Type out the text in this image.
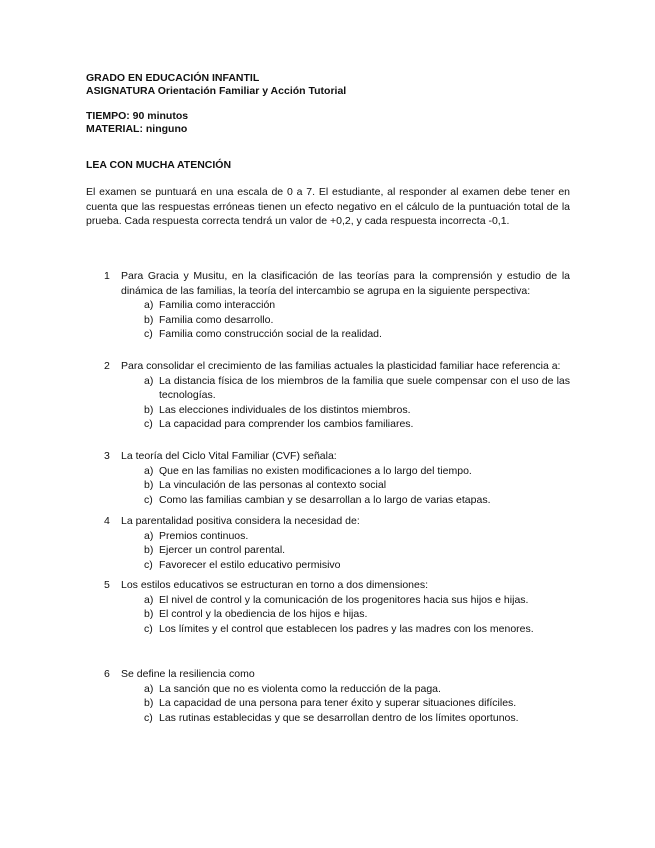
GRADO EN EDUCACIÓN INFANTIL
ASIGNATURA Orientación Familiar y Acción Tutorial
TIEMPO: 90 minutos
MATERIAL: ninguno
LEA CON MUCHA ATENCIÓN
El examen se puntuará en una escala de 0 a 7. El estudiante, al responder al examen debe tener en cuenta que las respuestas erróneas tienen un efecto negativo en el cálculo de la puntuación total de la prueba. Cada respuesta correcta tendrá un valor de +0,2, y cada respuesta incorrecta -0,1.
1	Para Gracia y Musitu, en la clasificación de las teorías para la comprensión y estudio de la dinámica de las familias, la teoría del intercambio se agrupa en la siguiente perspectiva:
a) Familia como interacción
b) Familia como desarrollo.
c) Familia como construcción social de la realidad.
2	Para consolidar el crecimiento de las familias actuales la plasticidad familiar hace referencia a:
a) La distancia física de los miembros de la familia que suele compensar con el uso de las tecnologías.
b) Las elecciones individuales de los distintos miembros.
c) La capacidad para comprender los cambios familiares.
3	La teoría del Ciclo Vital Familiar (CVF) señala:
a) Que en las familias no existen modificaciones a lo largo del tiempo.
b) La vinculación de las personas al contexto social
c) Como las familias cambian y se desarrollan a lo largo de varias etapas.
4	La parentalidad positiva considera la necesidad de:
a) Premios continuos.
b) Ejercer un control parental.
c) Favorecer el estilo educativo permisivo
5	Los estilos educativos se estructuran en torno a dos dimensiones:
a) El nivel de control y la comunicación de los progenitores hacia sus hijos e hijas.
b) El control y la obediencia de los hijos e hijas.
c) Los límites y el control que establecen los padres y las madres con los menores.
6	Se define la resiliencia como
a) La sanción que no es violenta como la reducción de la paga.
b) La capacidad de una persona para tener éxito y superar situaciones difíciles.
c) Las rutinas establecidas y que se desarrollan dentro de los límites oportunos.
